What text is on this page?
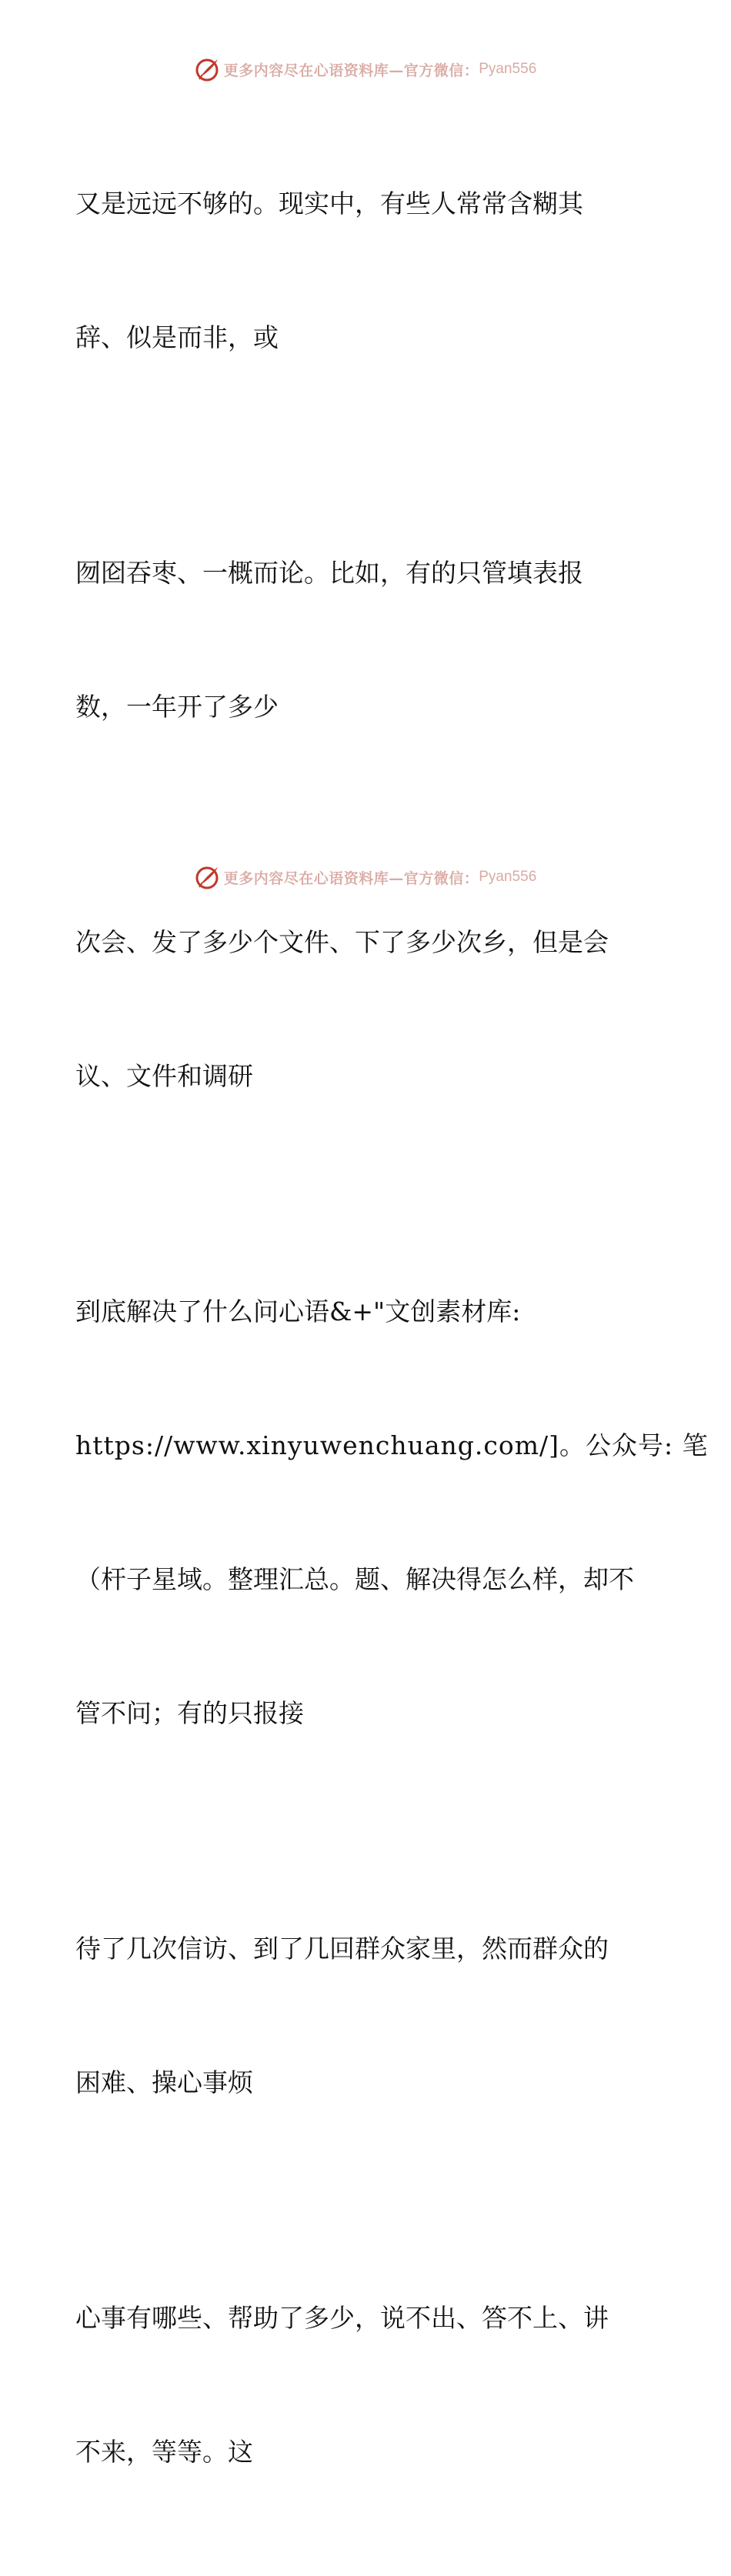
更多内容尽在心语资料库— 官方微信： Pyan556

又是远远不够的。现实中，有些人常常含糊其

辞、似是而非，或

囫囵吞枣、一概而论。比如，有的只管填表报

数，一年开了多少

次会、发了多少个文件、下了多少次乡，但是会

议、文件和调研

到底解决了什么问心语&+"文创素材库:

https://www.xinyuwenchuang.com/]。公众号: 笔

（杆子星域。整理汇总。题、解决得怎么样，却不

管不问；有的只报接

待了几次信访、到了几回群众家里，然而群众的

困难、操心事烦

心事有哪些、帮助了多少，说不出、答不上、讲

不来，等等。这

更多内容尽在心语资料库— 官方微信： Pyan556
